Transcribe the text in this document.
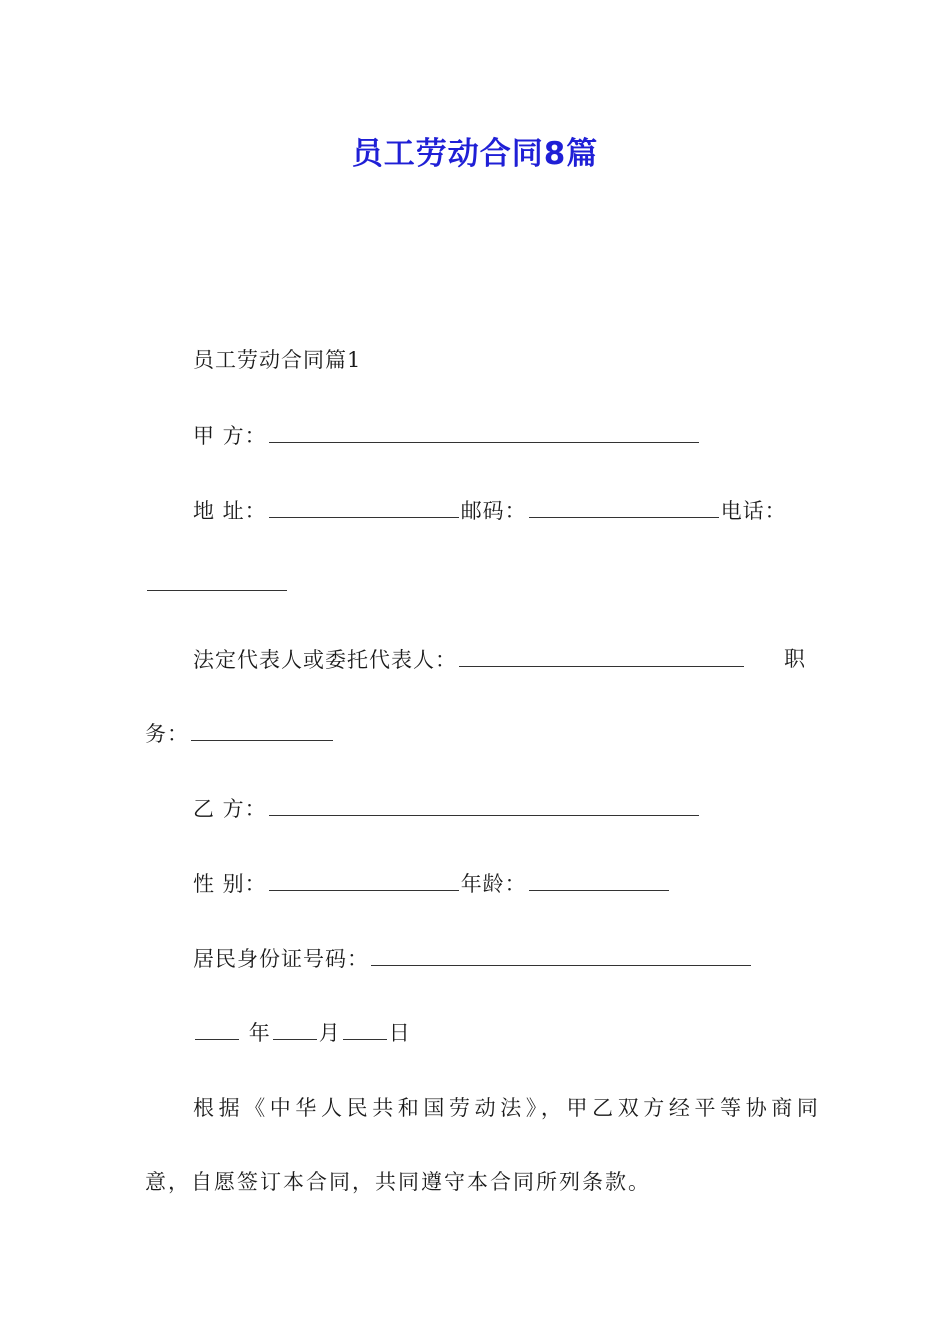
员工劳动合同8篇
员工劳动合同篇1
甲 方：
地 址：	邮码：	电话：
法定代表人或委托代表人：	职
务：
乙 方：
性 别：	年龄：
居民身份证号码：
年 月 日
根据《中华人民共和国劳动法》，甲乙双方经平等协商同
意，自愿签订本合同，共同遵守本合同所列条款。
